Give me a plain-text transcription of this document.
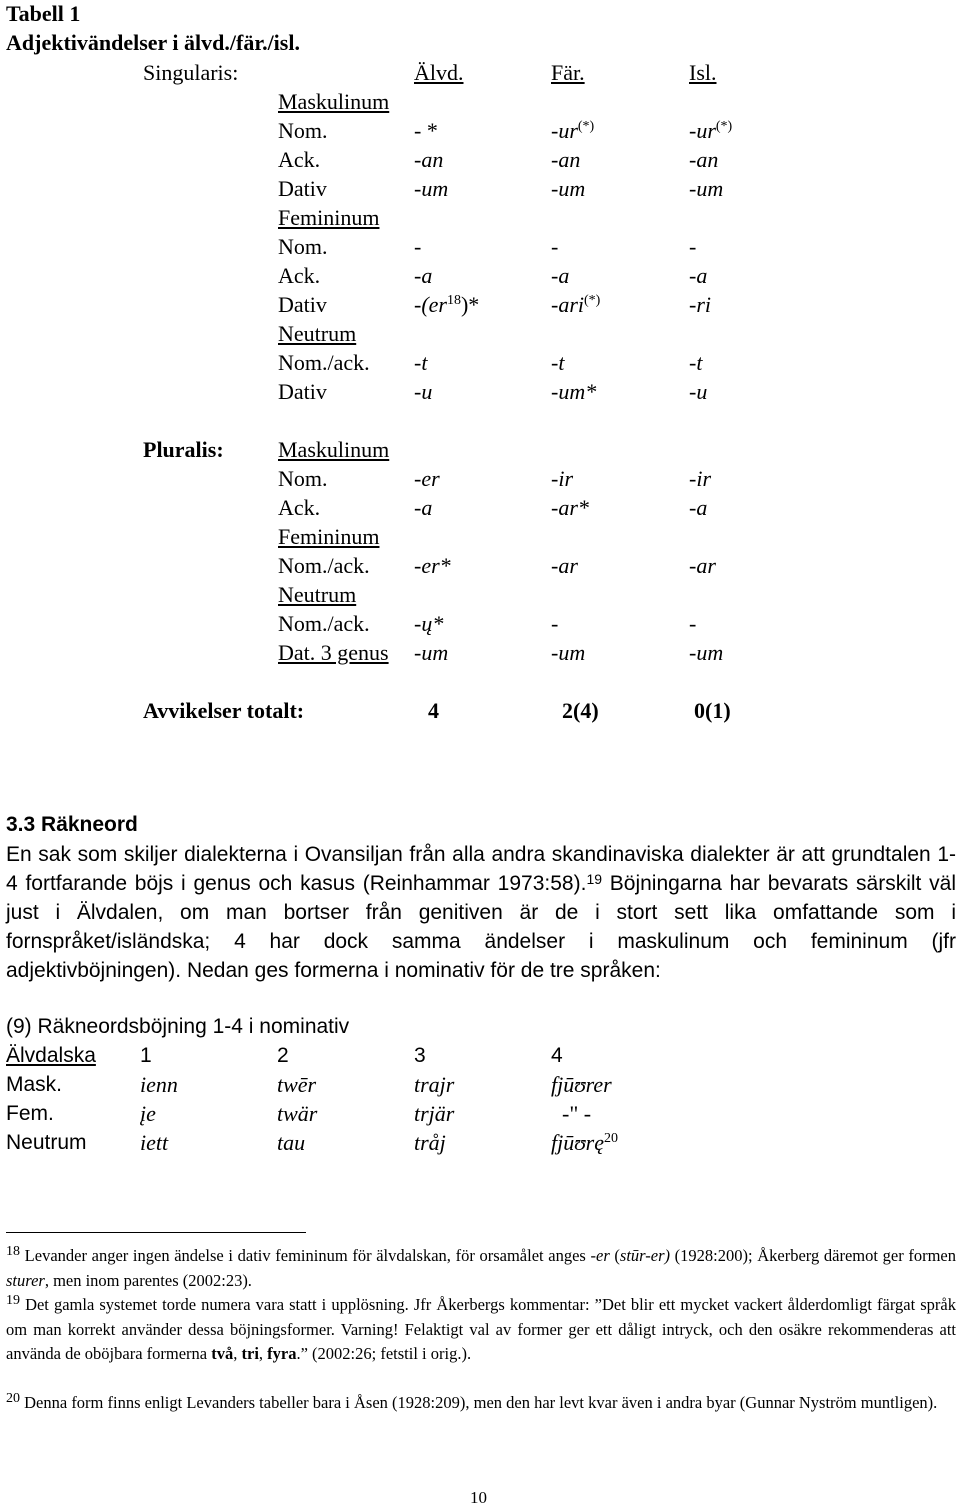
Tabell 1
Adjektivändelser i älvd./fär./isl.
Singularis:	Älvd.	Fär.	Isl.
Maskulinum
Nom.	- *	-ur(*)	-ur(*)
Ack.	-an	-an	-an
Dativ	-um	-um	-um
Femininum
Nom.	-	-	-
Ack.	-a	-a	-a
Dativ	$-(er^{18})*$	-ari(*)	-ri
Neutrum
Nom./ack. -t	-t	-t
Dativ	-u	-um*	-u
Pluralis: Maskulinum
Nom.	-er	-ir	-ir
Ack.	-a	-ar*	-a
Femininum
Nom./ack. -er*	-ar	-ar
Neutrum
Nom./ack. -ų*	-	-
Dat. 3 genus -um	-um	-um
Avvikelser totalt:	4	2(4)	0(1)
3.3 Räkneord
En sak som skiljer dialekterna i Ovansiljan från alla andra skandinaviska dialekter är att grundtalen 1-4 fortfarande böjs i genus och kasus (Reinhammar 1973:58).$^{19}$ Böjningarna har bevarats särskilt väl just i Älvdalen, om man bortser från genitiven är de i stort sett lika omfattande som i fornspråket/isländska; 4 har dock samma ändelser i maskulinum och femininum (jfr adjektivböjningen). Nedan ges formerna i nominativ för de tre språken:
(9) Räkneordsböjning 1-4 i nominativ
Älvdalska 1	2	3	4
Mask.	ienn	twēr	trajr	fjūʊrer
Fem.	įe	twär	trjär	-" -
Neutrum iett	tau	tråj	fjūʊrę$^{20}$
$^{18}$ Levander anger ingen ändelse i dativ femininum för älvdalskan, för orsamålet anges -er (stūr-er) (1928:200); Åkerberg däremot ger formen sturer, men inom parentes (2002:23).
$^{19}$ Det gamla systemet torde numera vara statt i upplösning. Jfr Åkerbergs kommentar: ”Det blir ett mycket vackert ålderdomligt färgat språk om man korrekt använder dessa böjningsformer. Varning! Felaktigt val av former ger ett dåligt intryck, och den osäkre rekommenderas att använda de oböjbara formerna två, tri, fyra.” (2002:26; fetstil i orig.).
$^{20}$ Denna form finns enligt Levanders tabeller bara i Åsen (1928:209), men den har levt kvar även i andra byar (Gunnar Nyström muntligen).
10
